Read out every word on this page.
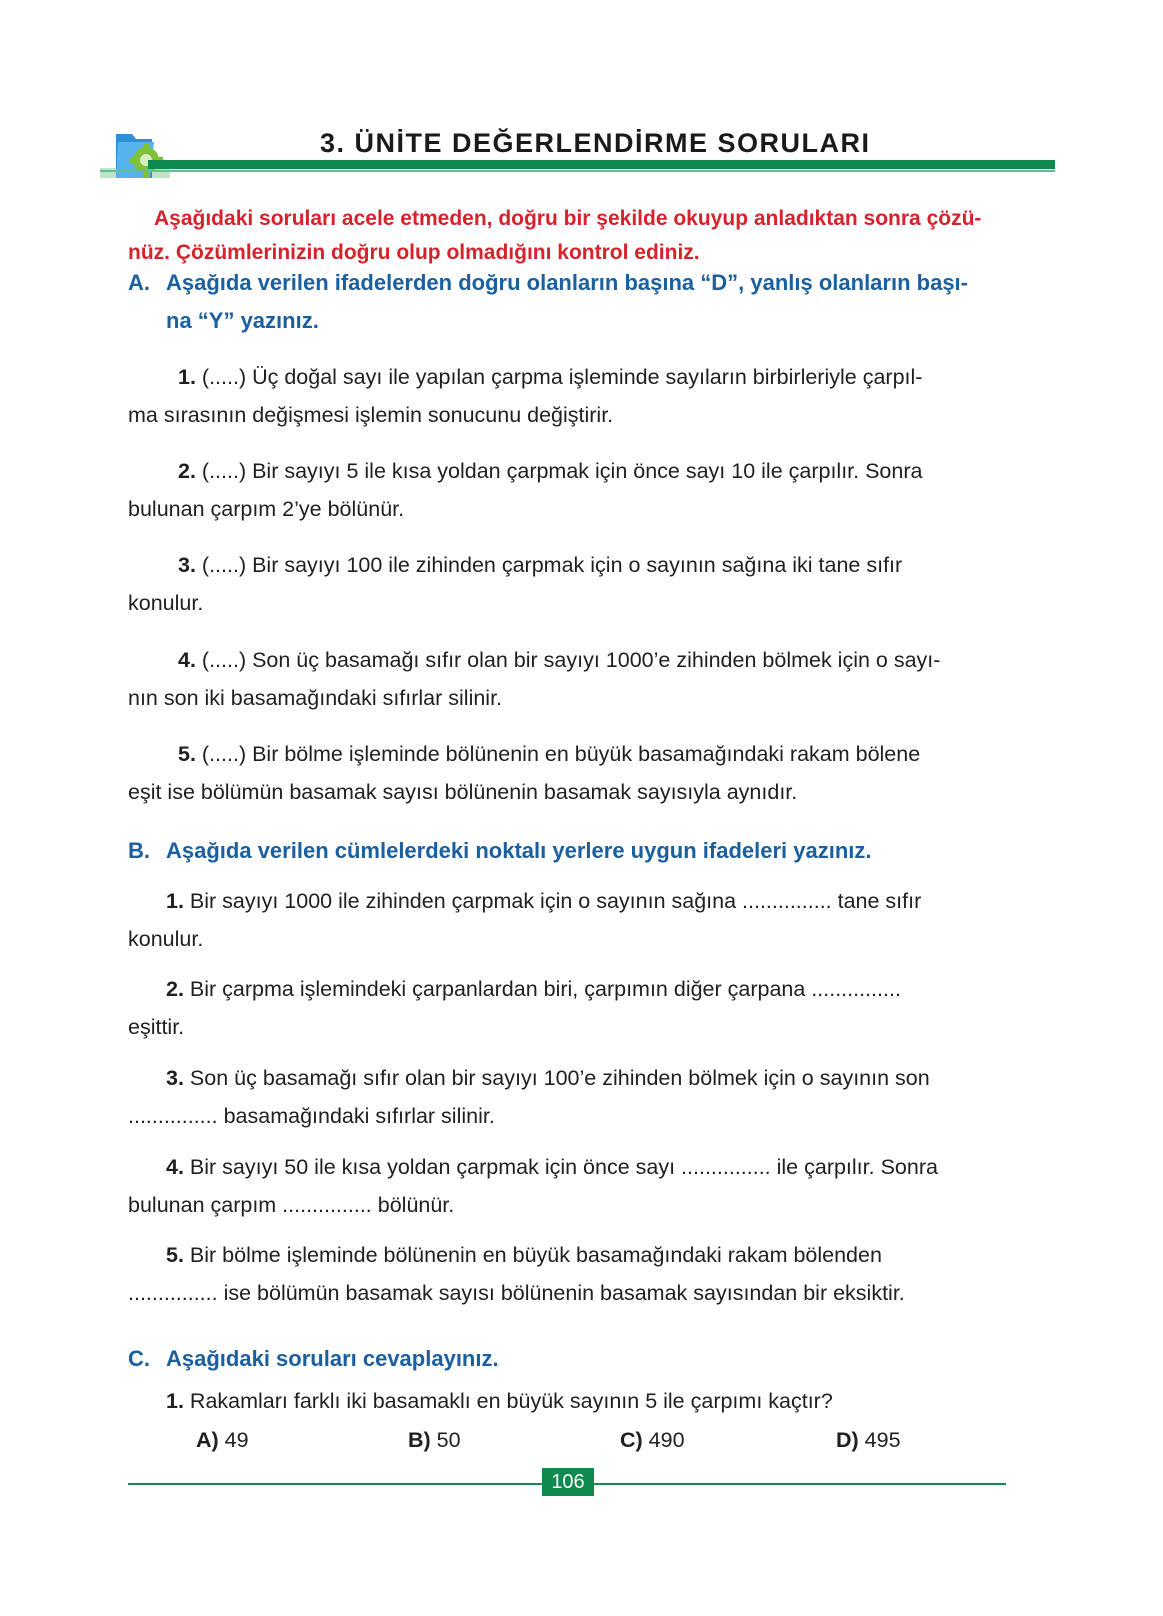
3. ÜNİTE DEĞERLENDİRME SORULARI
Aşağıdaki soruları acele etmeden, doğru bir şekilde okuyup anladıktan sonra çözü-
nüz. Çözümlerinizin doğru olup olmadığını kontrol ediniz.
A. Aşağıda verilen ifadelerden doğru olanların başına “D”, yanlış olanların başı-
na “Y” yazınız.
1. (.....) Üç doğal sayı ile yapılan çarpma işleminde sayıların birbirleriyle çarpıl-
ma sırasının değişmesi işlemin sonucunu değiştirir.
2. (.....) Bir sayıyı 5 ile kısa yoldan çarpmak için önce sayı 10 ile çarpılır. Sonra
bulunan çarpım 2’ye bölünür.
3. (.....) Bir sayıyı 100 ile zihinden çarpmak için o sayının sağına iki tane sıfır
konulur.
4. (.....) Son üç basamağı sıfır olan bir sayıyı 1000’e zihinden bölmek için o sayı-
nın son iki basamağındaki sıfırlar silinir.
5. (.....) Bir bölme işleminde bölünenin en büyük basamağındaki rakam bölene
eşit ise bölümün basamak sayısı bölünenin basamak sayısıyla aynıdır.
B. Aşağıda verilen cümlelerdeki noktalı yerlere uygun ifadeleri yazınız.
1. Bir sayıyı 1000 ile zihinden çarpmak için o sayının sağına ............... tane sıfır
konulur.
2. Bir çarpma işlemindeki çarpanlardan biri, çarpımın diğer çarpana ...............
eşittir.
3. Son üç basamağı sıfır olan bir sayıyı 100’e zihinden bölmek için o sayının son
............... basamağındaki sıfırlar silinir.
4. Bir sayıyı 50 ile kısa yoldan çarpmak için önce sayı ............... ile çarpılır. Sonra
bulunan çarpım ............... bölünür.
5. Bir bölme işleminde bölünenin en büyük basamağındaki rakam bölenden
............... ise bölümün basamak sayısı bölünenin basamak sayısından bir eksiktir.
C. Aşağıdaki soruları cevaplayınız.
1. Rakamları farklı iki basamaklı en büyük sayının 5 ile çarpımı kaçtır?
A) 49	B) 50	C) 490	D) 495
106
